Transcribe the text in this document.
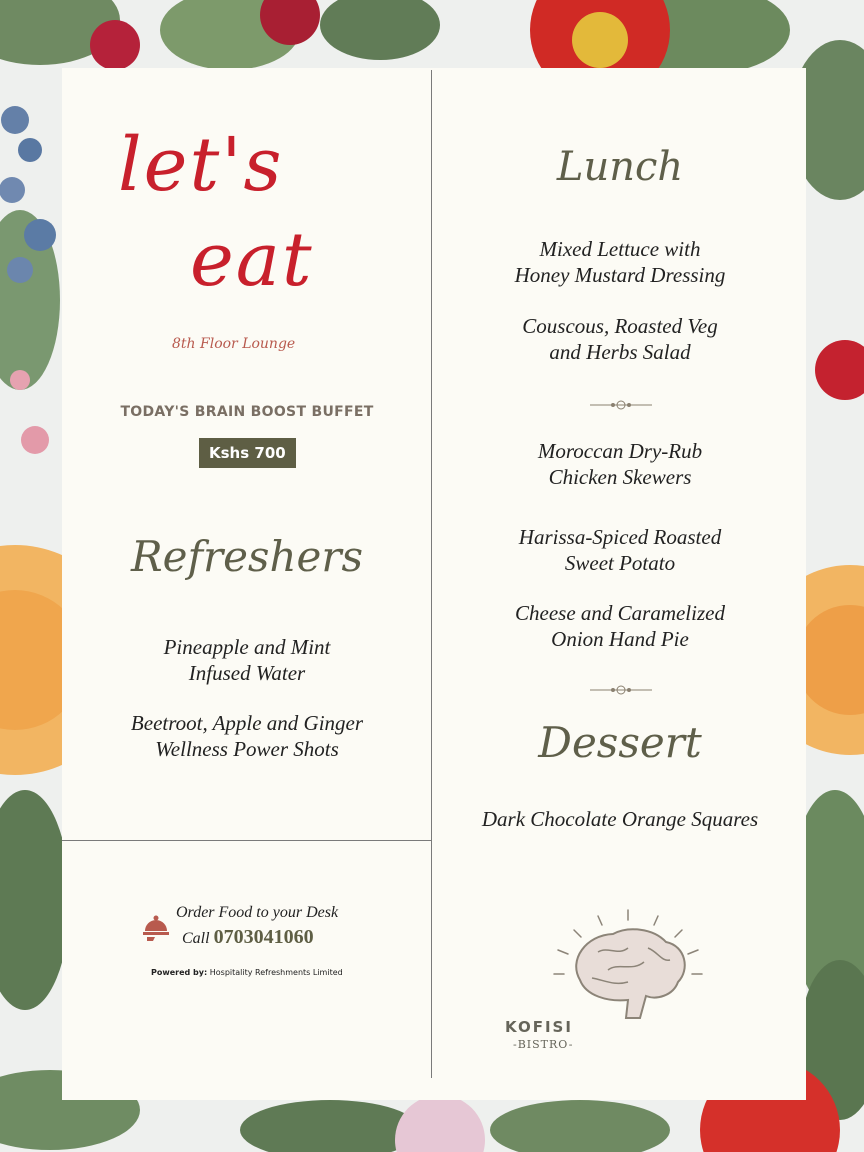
let's
eat
8th Floor Lounge
TODAY'S BRAIN BOOST BUFFET
Kshs 700
Refreshers
Pineapple and Mint
Infused Water
Beetroot, Apple and Ginger
Wellness Power Shots
Lunch
Mixed Lettuce with
Honey Mustard Dressing
Couscous, Roasted Veg
and Herbs Salad
Moroccan Dry-Rub
Chicken Skewers
Harissa-Spiced Roasted
Sweet Potato
Cheese and Caramelized
Onion Hand Pie
Dessert
Dark Chocolate Orange Squares
Order Food to your Desk
Call 0703041060
Powered by: Hospitality Refreshments Limited
KOFISI
-BISTRO-
